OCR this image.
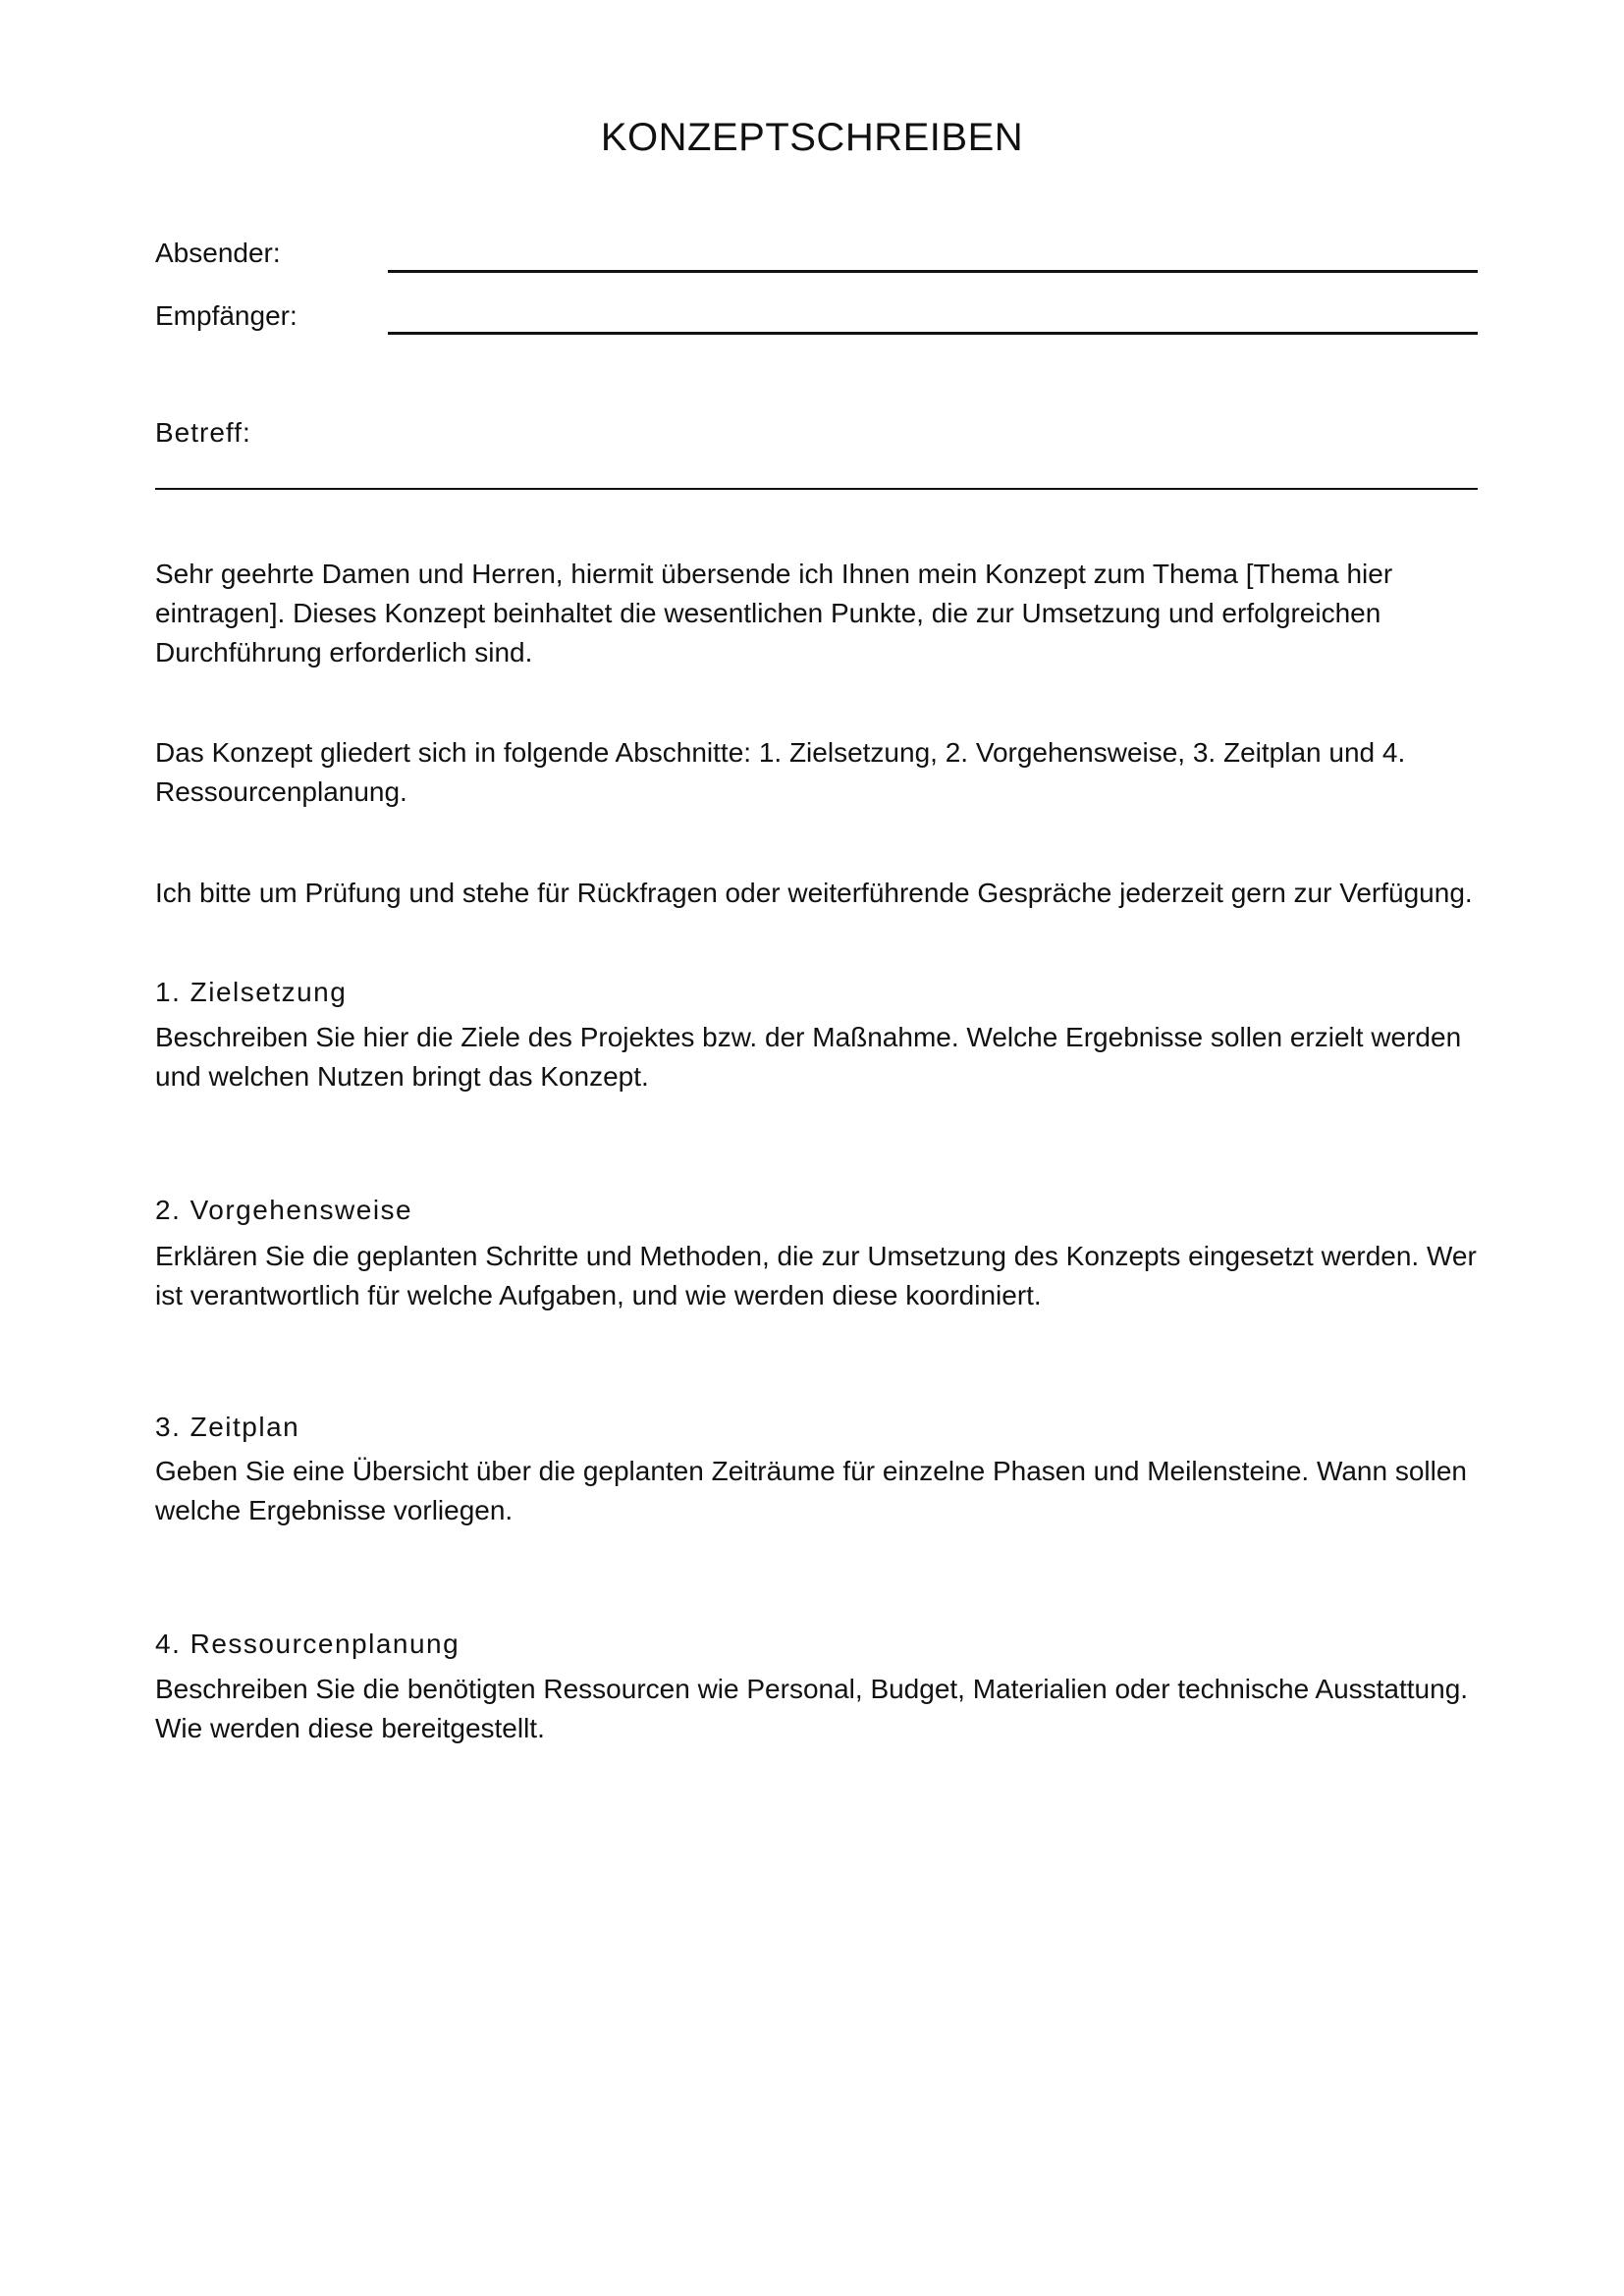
KONZEPTSCHREIBEN
Absender:
Empfänger:
Betreff:
Sehr geehrte Damen und Herren, hiermit übersende ich Ihnen mein Konzept zum Thema [Thema hier eintragen]. Dieses Konzept beinhaltet die wesentlichen Punkte, die zur Umsetzung und erfolgreichen Durchführung erforderlich sind.
Das Konzept gliedert sich in folgende Abschnitte: 1. Zielsetzung, 2. Vorgehensweise, 3. Zeitplan und 4. Ressourcenplanung.
Ich bitte um Prüfung und stehe für Rückfragen oder weiterführende Gespräche jederzeit gern zur Verfügung.
1. Zielsetzung
Beschreiben Sie hier die Ziele des Projektes bzw. der Maßnahme. Welche Ergebnisse sollen erzielt werden und welchen Nutzen bringt das Konzept.
2. Vorgehensweise
Erklären Sie die geplanten Schritte und Methoden, die zur Umsetzung des Konzepts eingesetzt werden. Wer ist verantwortlich für welche Aufgaben, und wie werden diese koordiniert.
3. Zeitplan
Geben Sie eine Übersicht über die geplanten Zeiträume für einzelne Phasen und Meilensteine. Wann sollen welche Ergebnisse vorliegen.
4. Ressourcenplanung
Beschreiben Sie die benötigten Ressourcen wie Personal, Budget, Materialien oder technische Ausstattung. Wie werden diese bereitgestellt.
